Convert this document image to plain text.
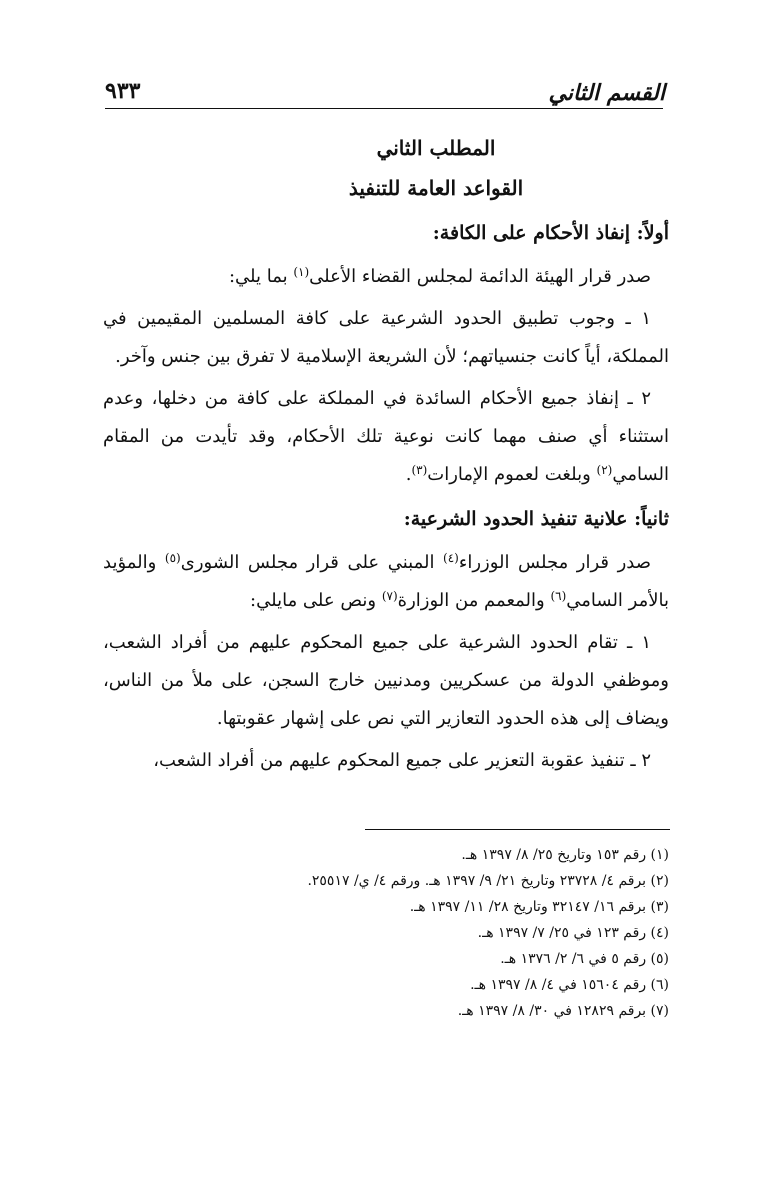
القسم الثاني
٩٣٣
المطلب الثاني
القواعد العامة للتنفيذ
أولاً: إنفاذ الأحكام على الكافة:

صدر قرار الهيئة الدائمة لمجلس القضاء الأعلى$^{(١)}$ بما يلي:

١ ـ وجوب تطبيق الحدود الشرعية على كافة المسلمين المقيمين في المملكة، أياً كانت جنسياتهم؛ لأن الشريعة الإسلامية لا تفرق بين جنس وآخر.

٢ ـ إنفاذ جميع الأحكام السائدة في المملكة على كافة من دخلها، وعدم استثناء أي صنف مهما كانت نوعية تلك الأحكام، وقد تأيدت من المقام السامي$^{(٢)}$ وبلغت لعموم الإمارات$^{(٣)}$.

ثانياً: علانية تنفيذ الحدود الشرعية:

صدر قرار مجلس الوزراء$^{(٤)}$ المبني على قرار مجلس الشورى$^{(٥)}$ والمؤيد بالأمر السامي$^{(٦)}$ والمعمم من الوزارة$^{(٧)}$ ونص على مايلي:

١ ـ تقام الحدود الشرعية على جميع المحكوم عليهم من أفراد الشعب، وموظفي الدولة من عسكريين ومدنيين خارج السجن، على ملأ من الناس، ويضاف إلى هذه الحدود التعازير التي نص على إشهار عقوبتها.

٢ ـ تنفيذ عقوبة التعزير على جميع المحكوم عليهم من أفراد الشعب،

(١) رقم ١٥٣ وتاريخ ٢٥/ ٨/ ١٣٩٧ هـ.
(٢) برقم ٤/ ٢٣٧٢٨ وتاريخ ٢١/ ٩/ ١٣٩٧ هـ. ورقم ٤/ ي/ ٢٥٥١٧.
(٣) برقم ١٦/ ٣٢١٤٧ وتاريخ ٢٨/ ١١/ ١٣٩٧ هـ.
(٤) رقم ١٢٣ في ٢٥/ ٧/ ١٣٩٧ هـ.
(٥) رقم ٥ في ٦/ ٢/ ١٣٧٦ هـ.
(٦) رقم ١٥٦٠٤ في ٤/ ٨/ ١٣٩٧ هـ.
(٧) برقم ١٢٨٢٩ في ٣٠/ ٨/ ١٣٩٧ هـ.
